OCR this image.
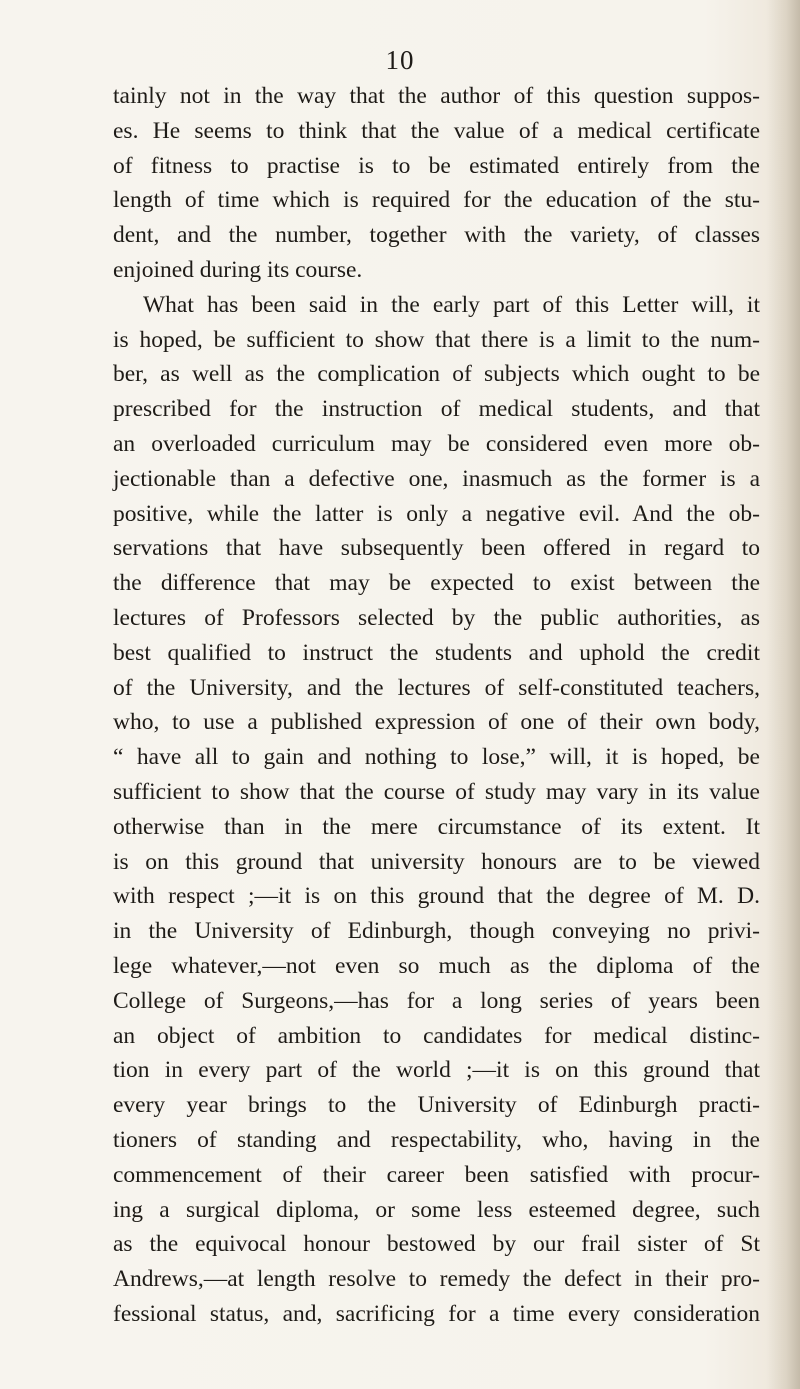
10
tainly not in the way that the author of this question suppos-
es. He seems to think that the value of a medical certificate
of fitness to practise is to be estimated entirely from the
length of time which is required for the education of the stu-
dent, and the number, together with the variety, of classes
enjoined during its course.
What has been said in the early part of this Letter will, it
is hoped, be sufficient to show that there is a limit to the num-
ber, as well as the complication of subjects which ought to be
prescribed for the instruction of medical students, and that
an overloaded curriculum may be considered even more ob-
jectionable than a defective one, inasmuch as the former is a
positive, while the latter is only a negative evil. And the ob-
servations that have subsequently been offered in regard to
the difference that may be expected to exist between the
lectures of Professors selected by the public authorities, as
best qualified to instruct the students and uphold the credit
of the University, and the lectures of self-constituted teachers,
who, to use a published expression of one of their own body,
“ have all to gain and nothing to lose,” will, it is hoped, be
sufficient to show that the course of study may vary in its value
otherwise than in the mere circumstance of its extent. It
is on this ground that university honours are to be viewed
with respect ;—it is on this ground that the degree of M. D.
in the University of Edinburgh, though conveying no privi-
lege whatever,—not even so much as the diploma of the
College of Surgeons,—has for a long series of years been
an object of ambition to candidates for medical distinc-
tion in every part of the world ;—it is on this ground that
every year brings to the University of Edinburgh practi-
tioners of standing and respectability, who, having in the
commencement of their career been satisfied with procur-
ing a surgical diploma, or some less esteemed degree, such
as the equivocal honour bestowed by our frail sister of St
Andrews,—at length resolve to remedy the defect in their pro-
fessional status, and, sacrificing for a time every consideration
